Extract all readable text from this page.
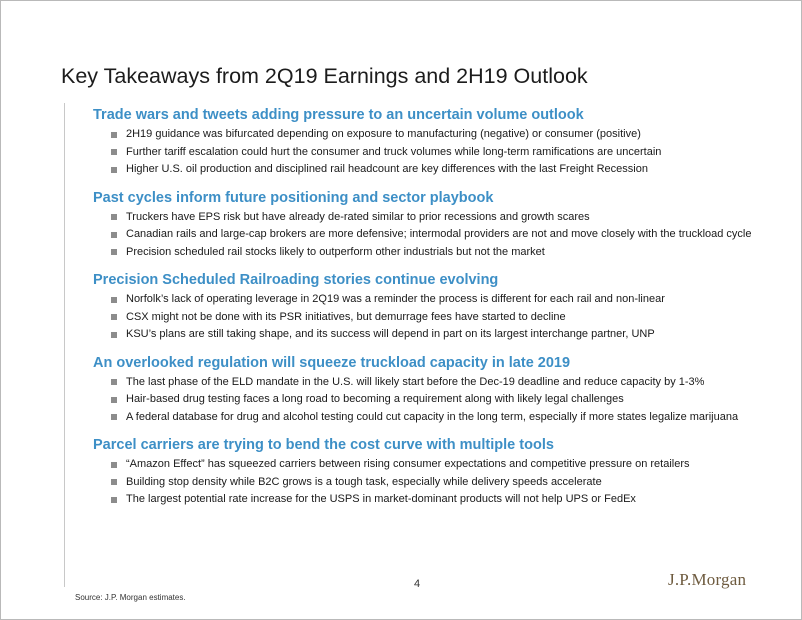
Key Takeaways from 2Q19 Earnings and 2H19 Outlook
Trade wars and tweets adding pressure to an uncertain volume outlook
2H19 guidance was bifurcated depending on exposure to manufacturing (negative) or consumer (positive)
Further tariff escalation could hurt the consumer and truck volumes while long-term ramifications are uncertain
Higher U.S. oil production and disciplined rail headcount are key differences with the last Freight Recession
Past cycles inform future positioning and sector playbook
Truckers have EPS risk but have already de-rated similar to prior recessions and growth scares
Canadian rails and large-cap brokers are more defensive; intermodal providers are not and move closely with the truckload cycle
Precision scheduled rail stocks likely to outperform other industrials but not the market
Precision Scheduled Railroading stories continue evolving
Norfolk’s lack of operating leverage in 2Q19 was a reminder the process is different for each rail and non-linear
CSX might not be done with its PSR initiatives, but demurrage fees have started to decline
KSU’s plans are still taking shape, and its success will depend in part on its largest interchange partner, UNP
An overlooked regulation will squeeze truckload capacity in late 2019
The last phase of the ELD mandate in the U.S. will likely start before the Dec-19 deadline and reduce capacity by 1-3%
Hair-based drug testing faces a long road to becoming a requirement along with likely legal challenges
A federal database for drug and alcohol testing could cut capacity in the long term, especially if more states legalize marijuana
Parcel carriers are trying to bend the cost curve with multiple tools
“Amazon Effect” has squeezed carriers between rising consumer expectations and competitive pressure on retailers
Building stop density while B2C grows is a tough task, especially while delivery speeds accelerate
The largest potential rate increase for the USPS in market-dominant products will not help UPS or FedEx
4	J.P.Morgan
Source: J.P. Morgan estimates.
